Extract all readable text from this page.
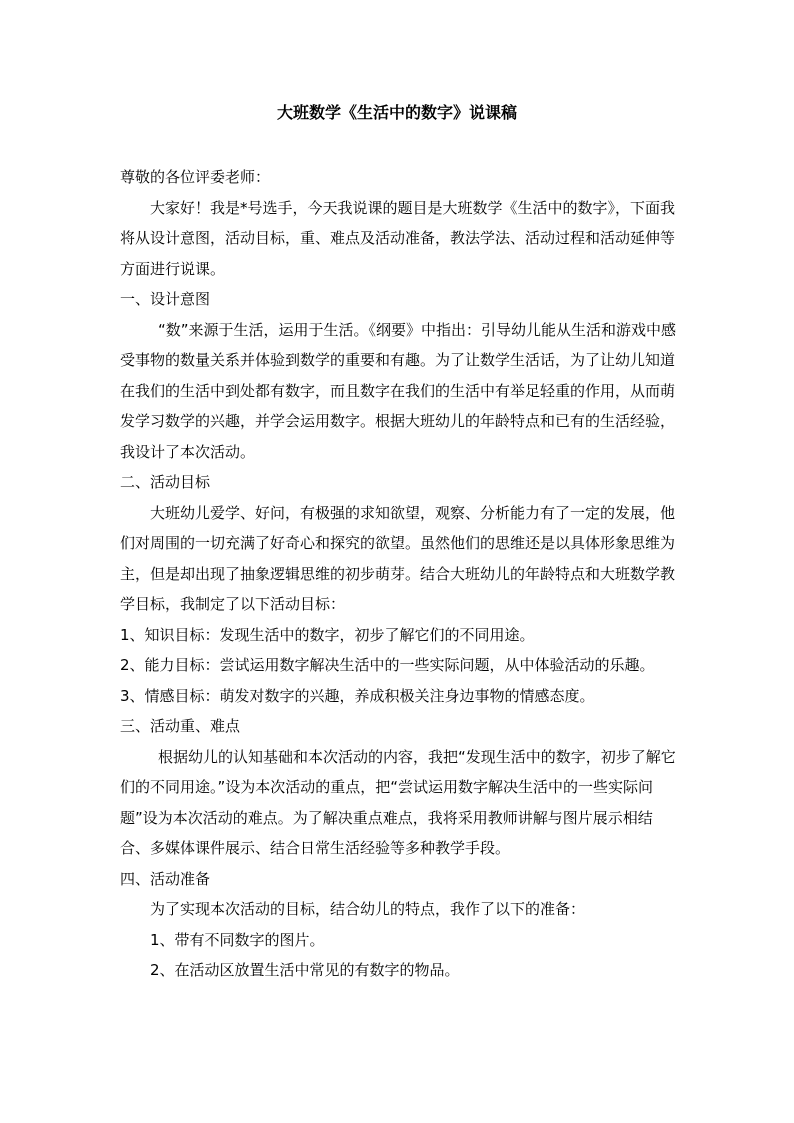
大班数学《生活中的数字》说课稿

尊敬的各位评委老师：

大家好！我是*号选手，今天我说课的题目是大班数学《生活中的数字》，下面我将从设计意图，活动目标，重、难点及活动准备，教法学法、活动过程和活动延伸等方面进行说课。

一、设计意图

“数”来源于生活，运用于生活。《纲要》中指出：引导幼儿能从生活和游戏中感受事物的数量关系并体验到数学的重要和有趣。为了让数学生活话，为了让幼儿知道在我们的生活中到处都有数字，而且数字在我们的生活中有举足轻重的作用，从而萌发学习数学的兴趣，并学会运用数字。根据大班幼儿的年龄特点和已有的生活经验，我设计了本次活动。

二、活动目标

大班幼儿爱学、好问，有极强的求知欲望，观察、分析能力有了一定的发展，他们对周围的一切充满了好奇心和探究的欲望。虽然他们的思维还是以具体形象思维为主，但是却出现了抽象逻辑思维的初步萌芽。结合大班幼儿的年龄特点和大班数学教学目标，我制定了以下活动目标：

1、知识目标：发现生活中的数字，初步了解它们的不同用途。

2、能力目标：尝试运用数字解决生活中的一些实际问题，从中体验活动的乐趣。

3、情感目标：萌发对数字的兴趣，养成积极关注身边事物的情感态度。

三、活动重、难点

根据幼儿的认知基础和本次活动的内容，我把“发现生活中的数字，初步了解它们的不同用途。”设为本次活动的重点，把“尝试运用数字解决生活中的一些实际问题”设为本次活动的难点。为了解决重点难点，我将采用教师讲解与图片展示相结合、多媒体课件展示、结合日常生活经验等多种教学手段。

四、活动准备

为了实现本次活动的目标，结合幼儿的特点，我作了以下的准备：

1、带有不同数字的图片。

2、在活动区放置生活中常见的有数字的物品。
